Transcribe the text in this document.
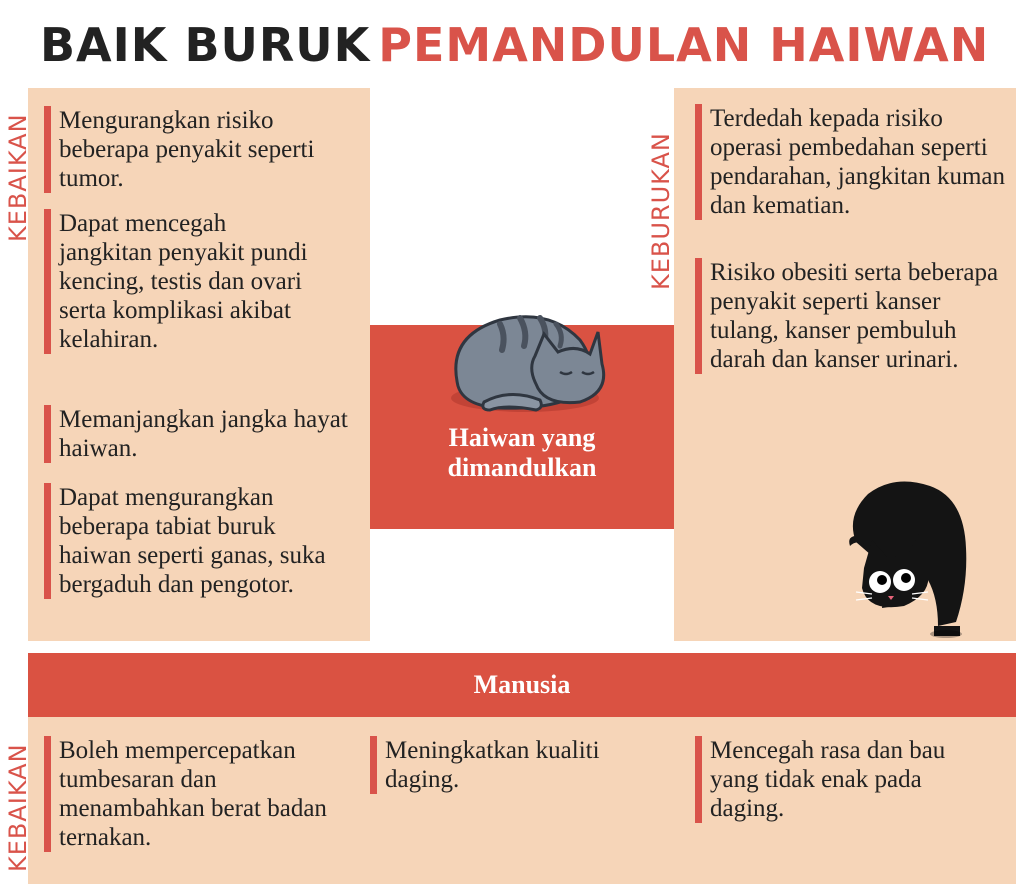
BAIK BURUK PEMANDULAN HAIWAN
KEBAIKAN	Mengurangkan risiko beberapa penyakit seperti tumor.
Dapat mencegah jangkitan penyakit pundi kencing, testis dan ovari serta komplikasi akibat kelahiran.
Memanjangkan jangka hayat haiwan.
Dapat mengurangkan beberapa tabiat buruk haiwan seperti ganas, suka bergaduh dan pengotor.
Haiwan yang dimandulkan
KEBURUKAN
Terdedah kepada risiko operasi pembedahan seperti pendarahan, jangkitan kuman dan kematian.
Risiko obesiti serta beberapa penyakit seperti kanser tulang, kanser pembuluh darah dan kanser urinari.
Manusia
KEBAIKAN	Boleh mempercepatkan tumbesaran dan menambahkan berat badan ternakan.
Meningkatkan kualiti daging.
Mencegah rasa dan bau yang tidak enak pada daging.
